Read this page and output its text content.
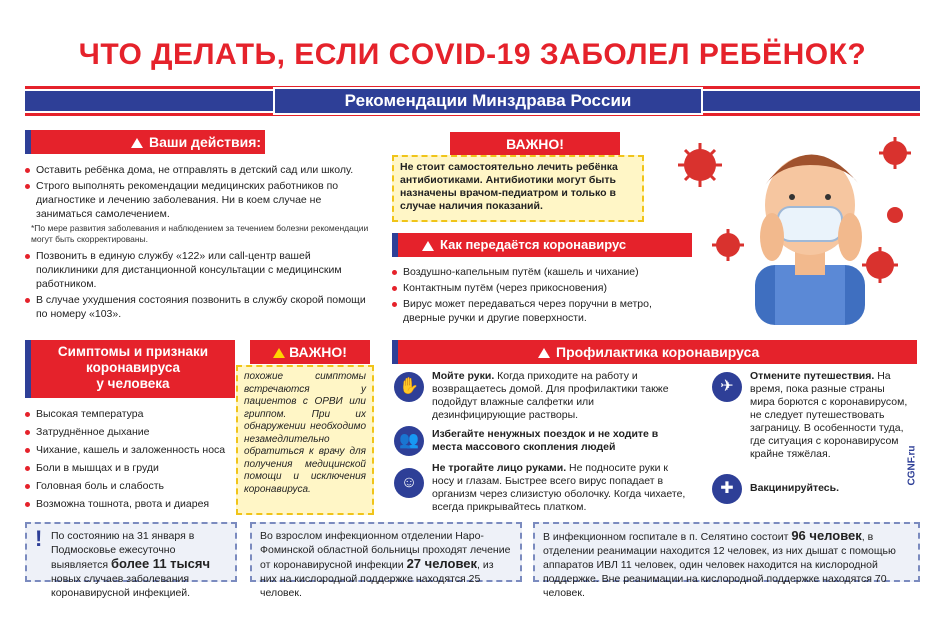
ЧТО ДЕЛАТЬ, ЕСЛИ COVID-19 ЗАБОЛЕЛ РЕБЁНОК?
Рекомендации Минздрава России
Ваши действия:
Оставить ребёнка дома, не отправлять в детский сад или школу.
Строго выполнять рекомендации медицинских работников по диагностике и лечению заболевания. Ни в коем случае не заниматься самолечением.
*По мере развития заболевания и наблюдением за течением болезни рекомендации могут быть скорректированы.
Позвонить в единую службу «122» или call-центр вашей поликлиники для дистанционной консультации с медицинским работником.
В случае ухудшения состояния позвонить в службу скорой помощи по номеру «103».
ВАЖНО!
Не стоит самостоятельно лечить ребёнка антибиотиками. Антибиотики могут быть назначены врачом-педиатром и только в случае наличия показаний.
Как передаётся коронавирус
Воздушно-капельным путём (кашель и чихание)
Контактным путём (через прикосновения)
Вирус может передаваться через поручни в метро, дверные ручки и другие поверхности.
Симптомы и признаки
коронавируса
у человека
Высокая температура
Затруднённое дыхание
Чихание, кашель и заложенность носа
Боли в мышцах и в груди
Головная боль и слабость
Возможна тошнота, рвота и диарея
ВАЖНО!
похожие симптомы встречаются у пациентов с ОРВИ или гриппом. При их обнаружении необходимо незамедлительно обратиться к врачу для получения медицинской помощи и исключения коронавируса.
Профилактика коронавируса
✋

Мойте руки. Когда приходите на работу и возвращаетесь домой. Для профилактики также подойдут влажные салфетки или дезинфицирующие растворы.

👥	Избегайте ненужных поездок и не ходите в места массового скопления людей

☺

Не трогайте лицо руками. Не подносите руки к носу и глазам. Быстрее всего вирус попадает в организм через слизистую оболочку. Когда чихаете, всегда прикрывайтесь платком.

✈

Отмените путешествия. На время, пока разные страны мира борются с коронавирусом, не следует путешествовать заграницу. В особенности туда, где ситуация с коронавирусом крайне тяжёлая.

✚	Вакцинируйтесь.

CGNF.ru
! По состоянию на 31 января в Подмосковье ежесуточно выявляется более 11 тысяч новых случаев заболевания коронавирусной инфекцией.
Во взрослом инфекционном отделении Наро-Фоминской областной больницы проходят лечение от коронавирусной инфекции 27 человек, из них на кислородной поддержке находятся 25 человек.
В инфекционном госпитале в п. Селятино состоит 96 человек, в отделении реанимации находится 12 человек, из них дышат с помощью аппаратов ИВЛ 11 человек, один человек находится на кислородной поддержке. Вне реанимации на кислородной поддержке находятся 70 человек.
